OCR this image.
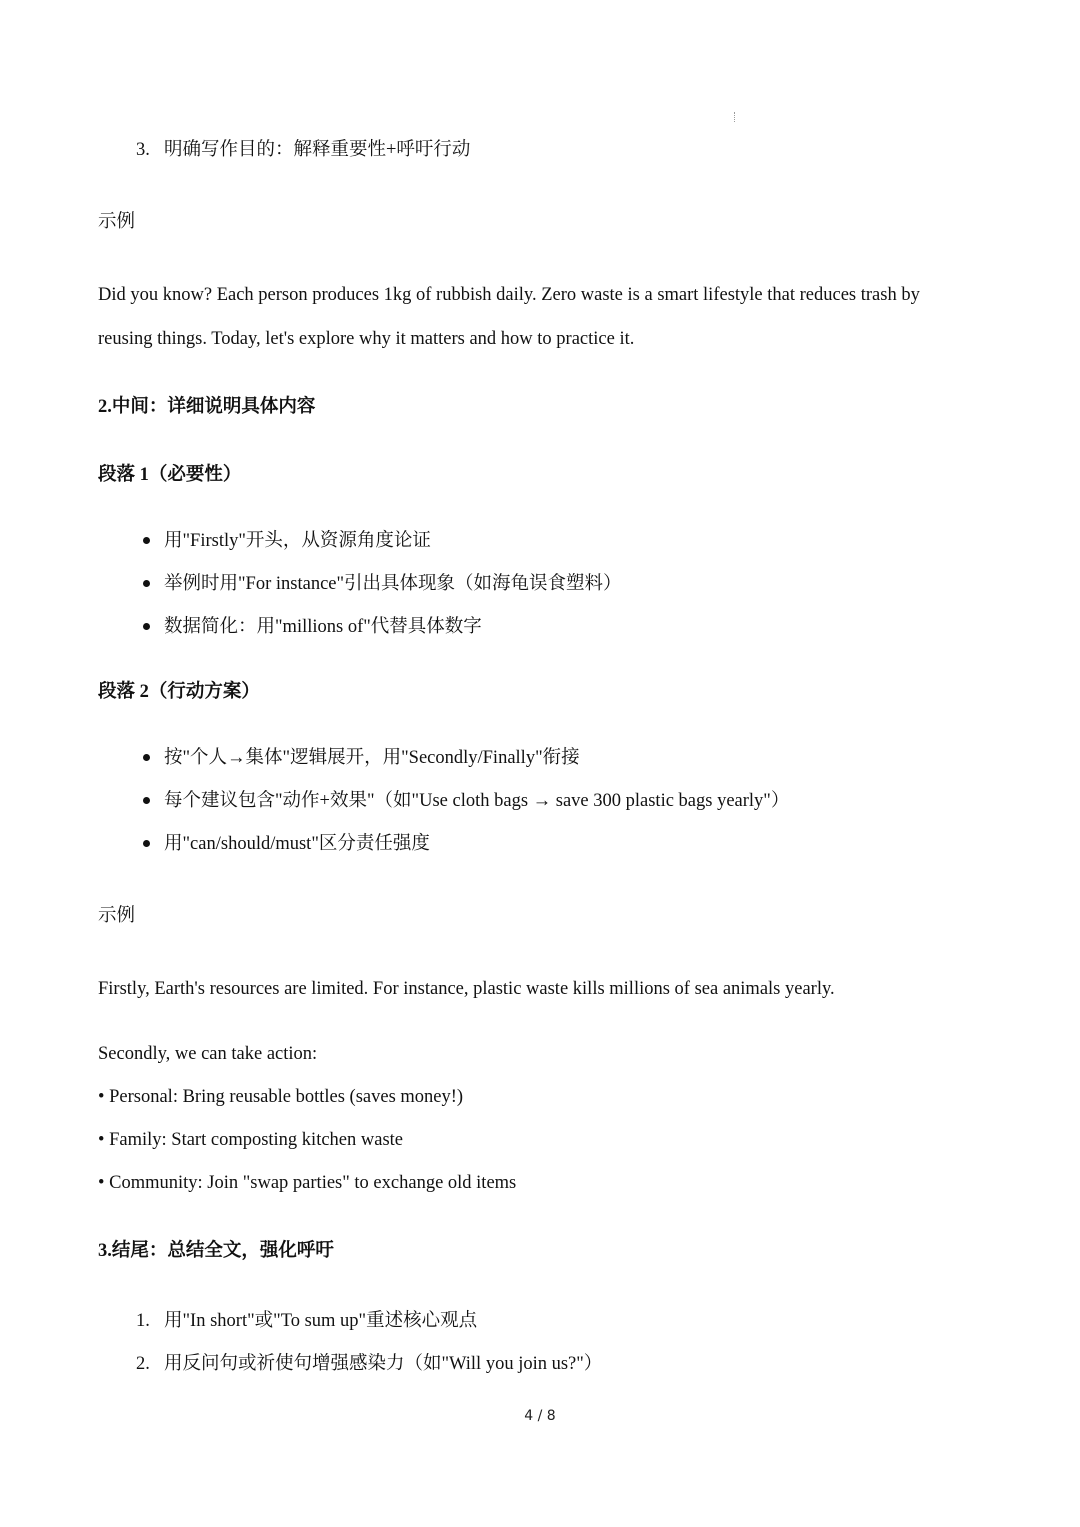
3. 明确写作目的：解释重要性+呼吁行动
示例
Did you know? Each person produces 1kg of rubbish daily. Zero waste is a smart lifestyle that reduces trash by
reusing things. Today, let's explore why it matters and how to practice it.
2.中间：详细说明具体内容
段落 1（必要性）
用"Firstly"开头，从资源角度论证
举例时用"For instance"引出具体现象（如海龟误食塑料）
数据简化：用"millions of"代替具体数字
段落 2（行动方案）
按"个人→集体"逻辑展开，用"Secondly/Finally"衔接
每个建议包含"动作+效果"（如"Use cloth bags → save 300 plastic bags yearly"）
用"can/should/must"区分责任强度
示例
Firstly, Earth's resources are limited. For instance, plastic waste kills millions of sea animals yearly.
Secondly, we can take action:
• Personal: Bring reusable bottles (saves money!)
• Family: Start composting kitchen waste
• Community: Join "swap parties" to exchange old items
3.结尾：总结全文，强化呼吁
1. 用"In short"或"To sum up"重述核心观点
2. 用反问句或祈使句增强感染力（如"Will you join us?"）
4 / 8
